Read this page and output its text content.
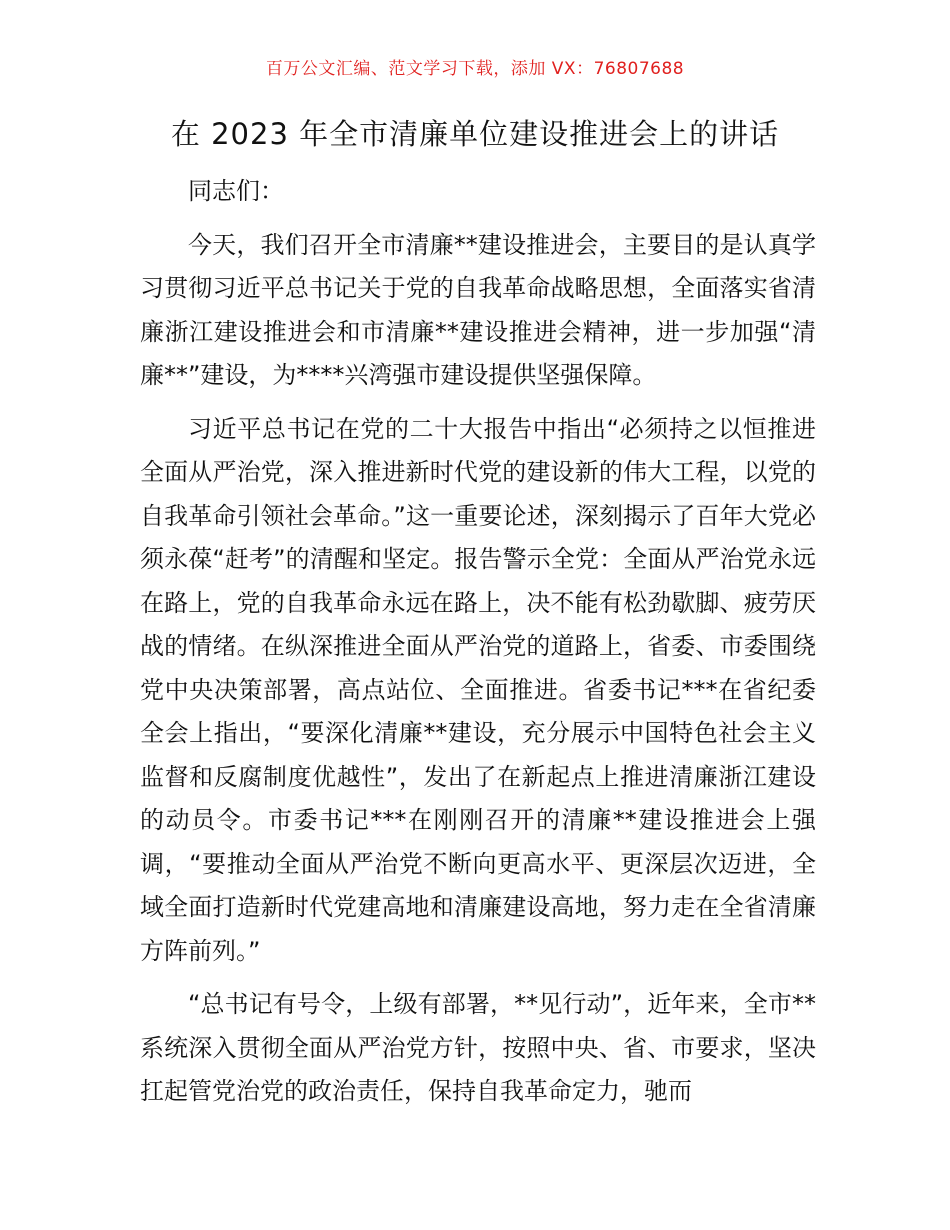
百万公文汇编、范文学习下载，添加 VX：76807688
在 2023 年全市清廉单位建设推进会上的讲话

同志们：

今天，我们召开全市清廉**建设推进会，主要目的是认真学习贯彻习近平总书记关于党的自我革命战略思想，全面落实省清廉浙江建设推进会和市清廉**建设推进会精神，进一步加强“清廉**”建设，为****兴湾强市建设提供坚强保障。

习近平总书记在党的二十大报告中指出“必须持之以恒推进全面从严治党，深入推进新时代党的建设新的伟大工程，以党的自我革命引领社会革命。”这一重要论述，深刻揭示了百年大党必须永葆“赶考”的清醒和坚定。报告警示全党：全面从严治党永远在路上，党的自我革命永远在路上，决不能有松劲歇脚、疲劳厌战的情绪。在纵深推进全面从严治党的道路上，省委、市委围绕党中央决策部署，高点站位、全面推进。省委书记***在省纪委全会上指出，“要深化清廉**建设，充分展示中国特色社会主义监督和反腐制度优越性”，发出了在新起点上推进清廉浙江建设的动员令。市委书记***在刚刚召开的清廉**建设推进会上强调，“要推动全面从严治党不断向更高水平、更深层次迈进，全域全面打造新时代党建高地和清廉建设高地，努力走在全省清廉方阵前列。”

“总书记有号令，上级有部署，**见行动”，近年来，全市**系统深入贯彻全面从严治党方针，按照中央、省、市要求，坚决扛起管党治党的政治责任，保持自我革命定力，驰而
